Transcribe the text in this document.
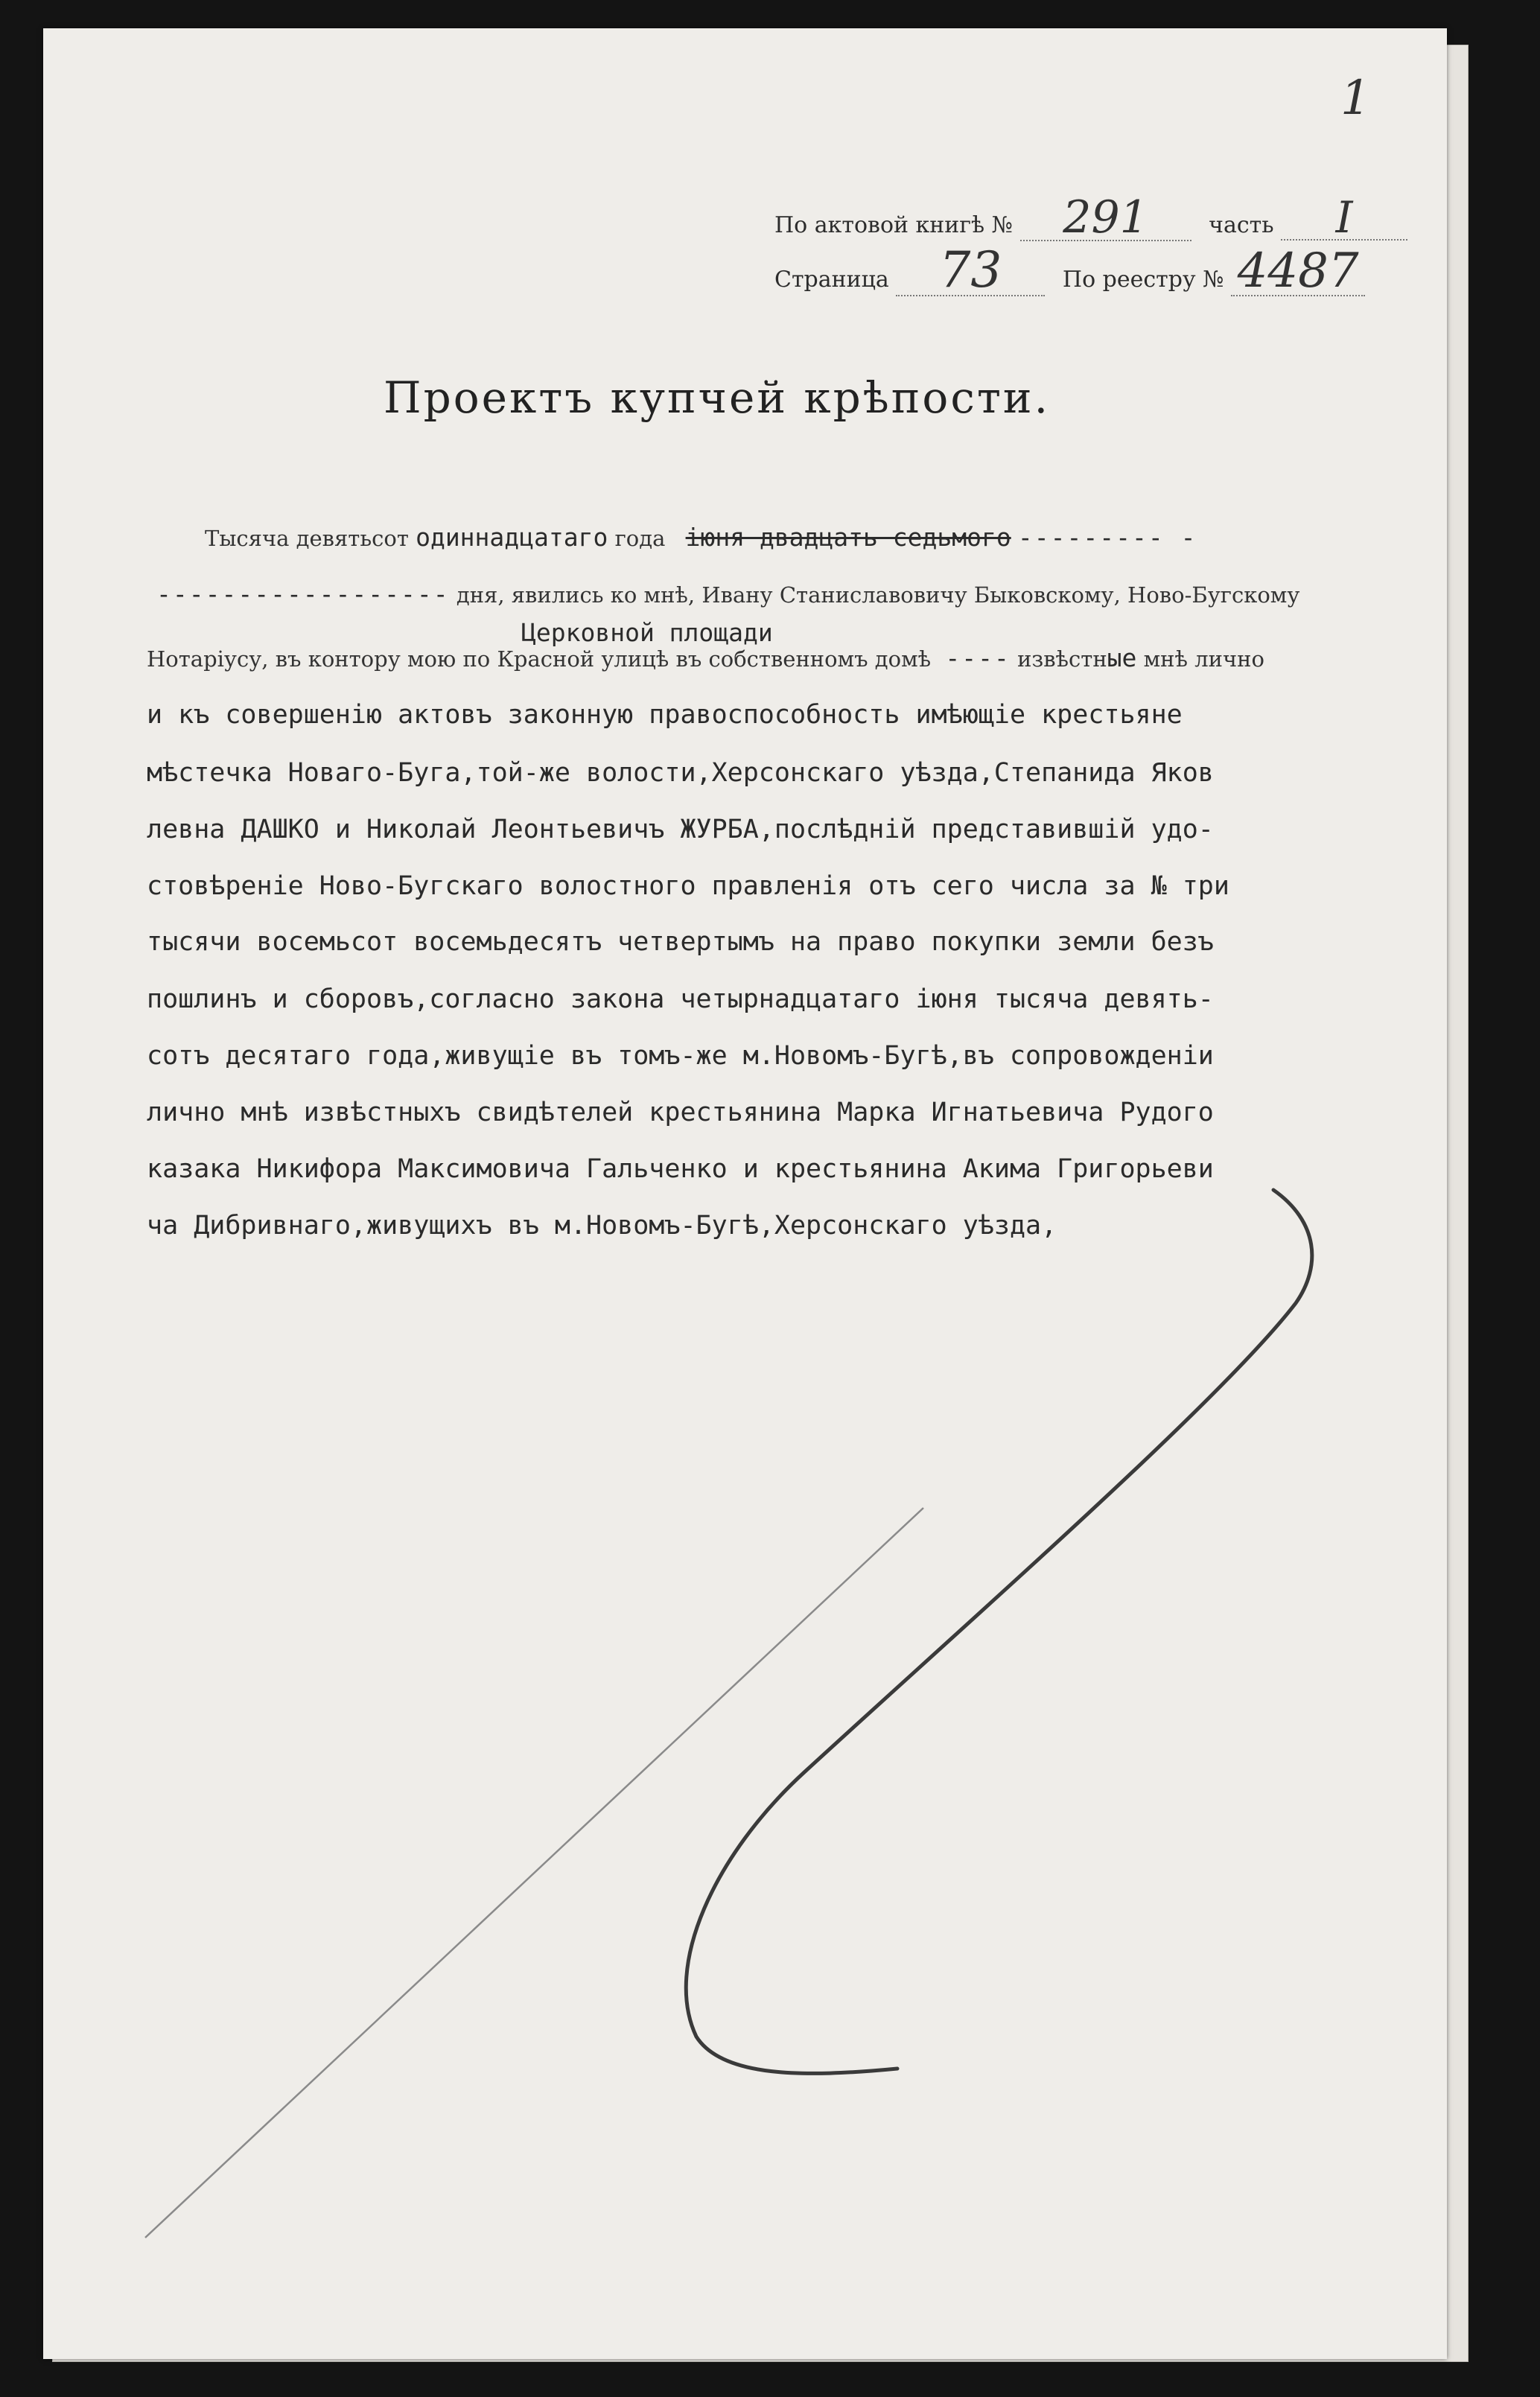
1
По актовой книгѣ № 291	часть I
Страница 73	По реестру № 4487
Проектъ купчей крѣпости.
Тысяча девятьсот одиннадцатаго года iюня двадцать седьмого --------- -
------------------ дня, явились ко мнѣ, Ивану Станиславовичу Быковскому, Ново-Бугскому
Церковной площади
Нотаріусу, въ контору мою по Красной улицѣ въ собственномъ домѣ ---- извѣстные мнѣ лично
и къ совершенію актовъ законную правоспособность имѣющіе крестьяне
мѣстечка Новаго-Буга,той-же волости,Херсонскаго уѣзда,Степанида Яков
левна ДАШКО и Николай Леонтьевичъ ЖУРБА,послѣдній представившій удо-
стовѣреніе Ново-Бугскаго волостного правленія отъ сего числа за № три
тысячи восемьсот восемьдесятъ четвертымъ на право покупки земли безъ
пошлинъ и сборовъ,согласно закона четырнадцатаго іюня тысяча девять-
сотъ десятаго года,живущіе въ томъ-же м.Новомъ-Бугѣ,въ сопровожденіи
лично мнѣ извѣстныхъ свидѣтелей крестьянина Марка Игнатьевича Рудого
казака Никифора Максимовича Гальченко и крестьянина Акима Григорьеви
ча Дибривнаго,живущихъ въ м.Новомъ-Бугѣ,Херсонскаго уѣзда,
